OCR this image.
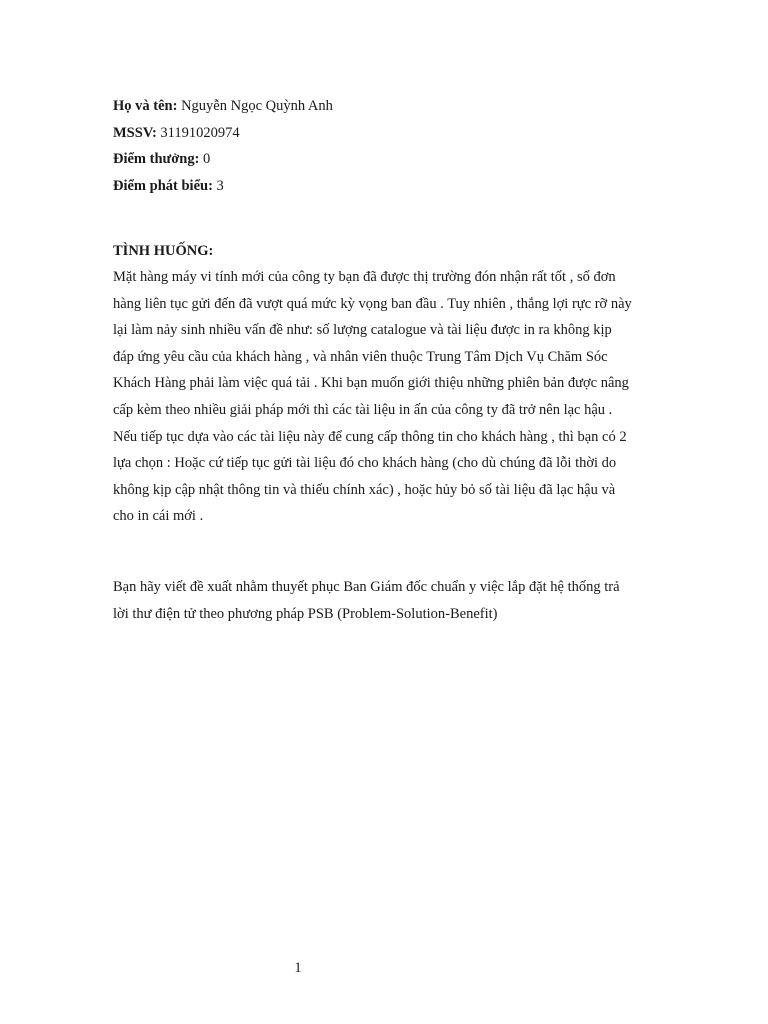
Họ và tên: Nguyễn Ngọc Quỳnh Anh
MSSV: 31191020974
Điểm thưởng: 0
Điểm phát biểu: 3
TÌNH HUỐNG:
Mặt hàng máy vi tính mới của công ty bạn đã được thị trường đón nhận rất tốt , số đơn
hàng liên tục gửi đến đã vượt quá mức kỳ vọng ban đầu . Tuy nhiên , thắng lợi rực rỡ này
lại làm nảy sinh nhiều vấn đề như: số lượng catalogue và tài liệu được in ra không kịp
đáp ứng yêu cầu của khách hàng , và nhân viên thuộc Trung Tâm Dịch Vụ Chăm Sóc
Khách Hàng phải làm việc quá tải . Khi bạn muốn giới thiệu những phiên bản được nâng
cấp kèm theo nhiều giải pháp mới thì các tài liệu in ấn của công ty đã trở nên lạc hậu .
Nếu tiếp tục dựa vào các tài liệu này để cung cấp thông tin cho khách hàng , thì bạn có 2
lựa chọn : Hoặc cứ tiếp tục gửi tài liệu đó cho khách hàng (cho dù chúng đã lỗi thời do
không kịp cập nhật thông tin và thiếu chính xác) , hoặc hủy bỏ số tài liệu đã lạc hậu và
cho in cái mới .
Bạn hãy viết đề xuất nhằm thuyết phục Ban Giám đốc chuẩn y việc lắp đặt hệ thống trả
lời thư điện tử theo phương pháp PSB (Problem-Solution-Benefit)
1
